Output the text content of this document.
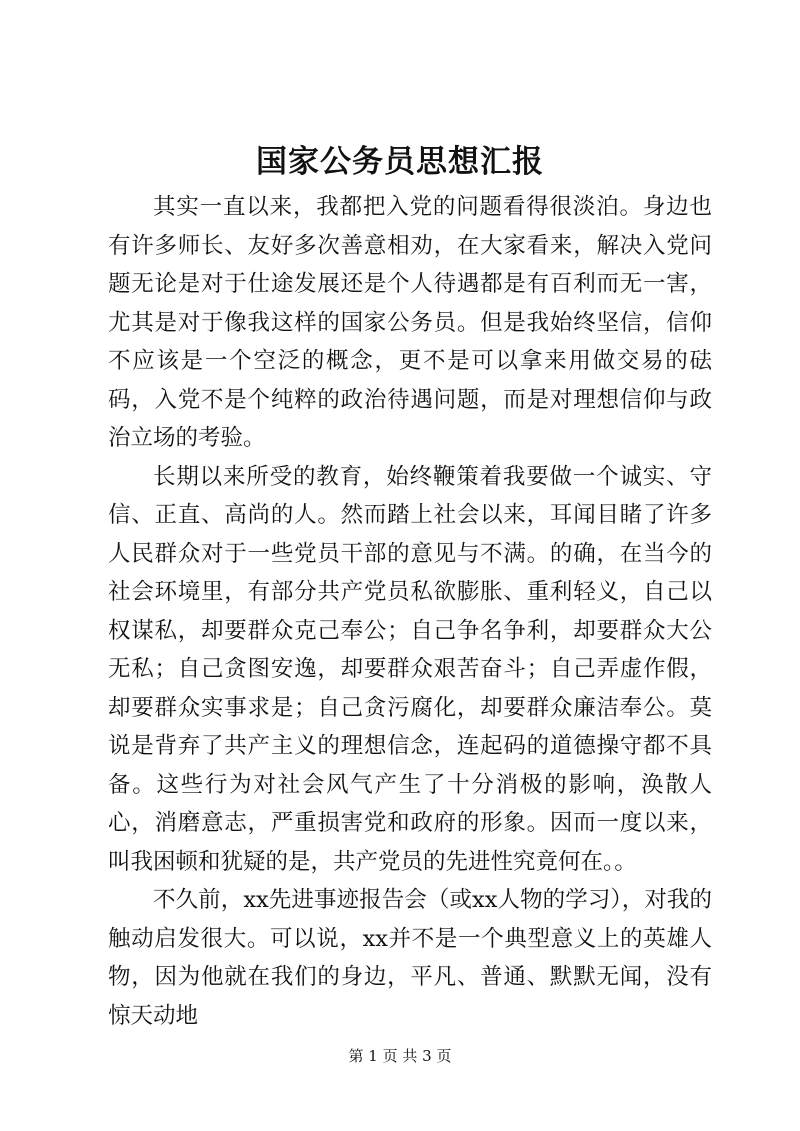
国家公务员思想汇报

其实一直以来，我都把入党的问题看得很淡泊。身边也有许多师长、友好多次善意相劝，在大家看来，解决入党问题无论是对于仕途发展还是个人待遇都是有百利而无一害，尤其是对于像我这样的国家公务员。但是我始终坚信，信仰不应该是一个空泛的概念，更不是可以拿来用做交易的砝码，入党不是个纯粹的政治待遇问题，而是对理想信仰与政治立场的考验。

长期以来所受的教育，始终鞭策着我要做一个诚实、守信、正直、高尚的人。然而踏上社会以来，耳闻目睹了许多人民群众对于一些党员干部的意见与不满。的确，在当今的社会环境里，有部分共产党员私欲膨胀、重利轻义，自己以权谋私，却要群众克己奉公；自己争名争利，却要群众大公无私；自己贪图安逸，却要群众艰苦奋斗；自己弄虚作假，却要群众实事求是；自己贪污腐化，却要群众廉洁奉公。莫说是背弃了共产主义的理想信念，连起码的道德操守都不具备。这些行为对社会风气产生了十分消极的影响，涣散人心，消磨意志，严重损害党和政府的形象。因而一度以来，叫我困顿和犹疑的是，共产党员的先进性究竟何在。。

不久前，xx先进事迹报告会（或xx人物的学习），对我的触动启发很大。可以说，xx并不是一个典型意义上的英雄人物，因为他就在我们的身边，平凡、普通、默默无闻，没有惊天动地

第 1 页 共 3 页
